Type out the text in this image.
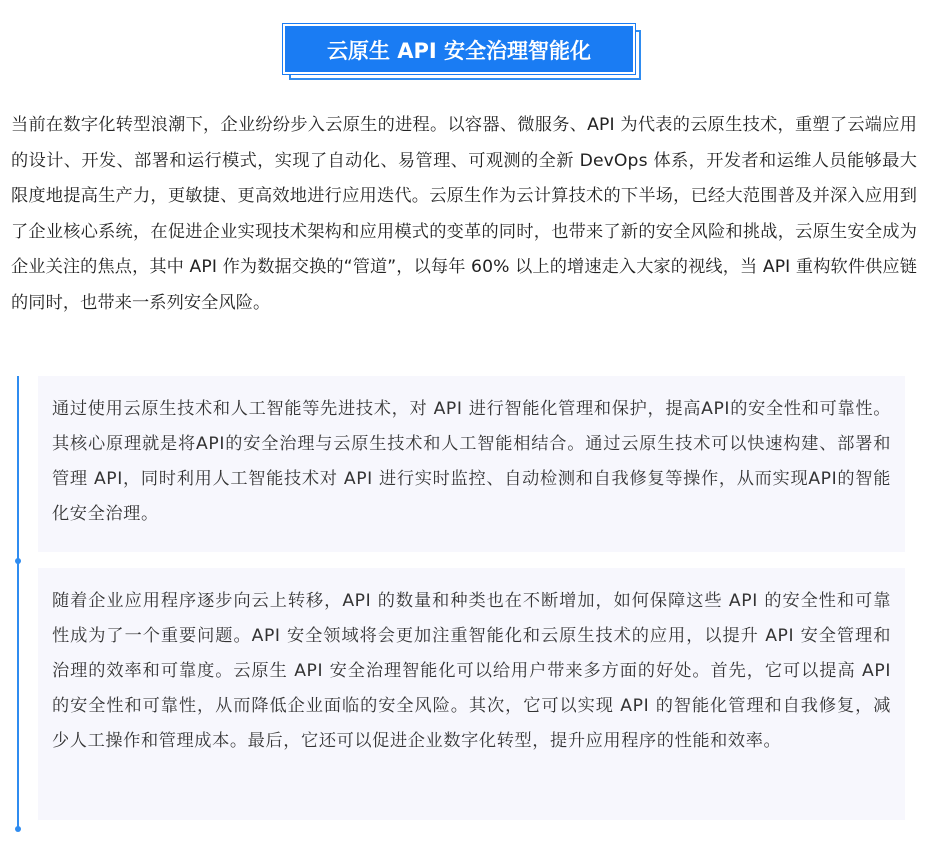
云原生 API 安全治理智能化

当前在数字化转型浪潮下，企业纷纷步入云原生的进程。以容器、微服务、API 为代表的云原生技术，重塑了云端应用的设计、开发、部署和运行模式，实现了自动化、易管理、可观测的全新 DevOps 体系，开发者和运维人员能够最大限度地提高生产力，更敏捷、更高效地进行应用迭代。云原生作为云计算技术的下半场，已经大范围普及并深入应用到了企业核心系统，在促进企业实现技术架构和应用模式的变革的同时，也带来了新的安全风险和挑战，云原生安全成为企业关注的焦点，其中 API 作为数据交换的“管道”，以每年 60% 以上的增速走入大家的视线，当 API 重构软件供应链的同时，也带来一系列安全风险。

通过使用云原生技术和人工智能等先进技术，对 API 进行智能化管理和保护，提高API的安全性和可靠性。其核心原理就是将API的安全治理与云原生技术和人工智能相结合。通过云原生技术可以快速构建、部署和管理 API，同时利用人工智能技术对 API 进行实时监控、自动检测和自我修复等操作，从而实现API的智能化安全治理。

随着企业应用程序逐步向云上转移，API 的数量和种类也在不断增加，如何保障这些 API 的安全性和可靠性成为了一个重要问题。API 安全领域将会更加注重智能化和云原生技术的应用，以提升 API 安全管理和治理的效率和可靠度。云原生 API 安全治理智能化可以给用户带来多方面的好处。首先，它可以提高 API 的安全性和可靠性，从而降低企业面临的安全风险。其次，它可以实现 API 的智能化管理和自我修复，减少人工操作和管理成本。最后，它还可以促进企业数字化转型，提升应用程序的性能和效率。
